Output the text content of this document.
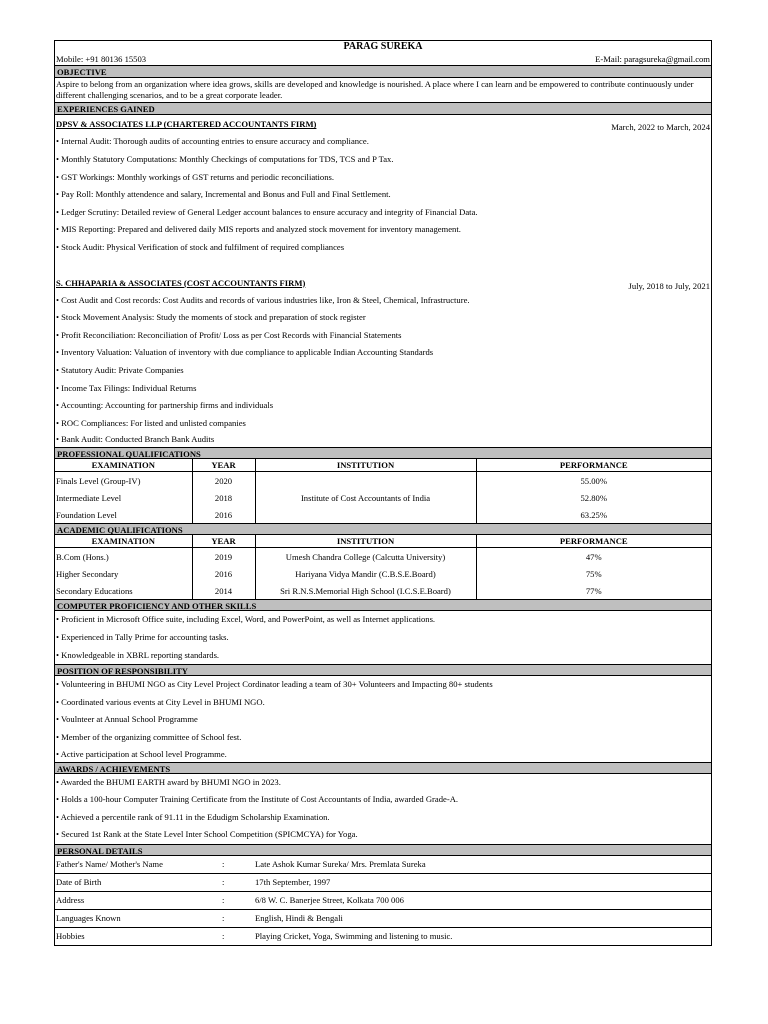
PARAG SUREKA
Mobile: +91 80136 15503	E-Mail: paragsureka@gmail.com
OBJECTIVE
Aspire to belong from an organization where idea grows, skills are developed and knowledge is nourished. A place where I can learn and be empowered to contribute continuously under different challenging scenarios, and to be a great corporate leader.
EXPERIENCES GAINED
DPSV & ASSOCIATES LLP (CHARTERED ACCOUNTANTS FIRM)	March, 2022 to March, 2024
• Internal Audit: Thorough audits of accounting entries to ensure accuracy and compliance.
• Monthly Statutory Computations: Monthly Checkings of computations for TDS, TCS and P Tax.
• GST Workings: Monthly workings of GST returns and periodic reconciliations.
• Pay Roll: Monthly attendence and salary, Incremental and Bonus and Full and Final Settlement.
• Ledger Scrutiny: Detailed review of General Ledger account balances to ensure accuracy and integrity of Financial Data.
• MIS Reporting: Prepared and delivered daily MIS reports and analyzed stock movement for inventory management.
• Stock Audit: Physical Verification of stock and fulfilment of required compliances
S. CHHAPARIA & ASSOCIATES (COST ACCOUNTANTS FIRM)	July, 2018 to July, 2021
• Cost Audit and Cost records: Cost Audits and records of various industries like, Iron & Steel, Chemical, Infrastructure.
• Stock Movement Analysis: Study the moments of stock and preparation of stock register
• Profit Reconciliation: Reconciliation of Profit/ Loss as per Cost Records with Financial Statements
• Inventory Valuation: Valuation of inventory with due compliance to applicable Indian Accounting Standards
• Statutory Audit: Private Companies
• Income Tax Filings: Individual Returns
• Accounting: Accounting for partnership firms and individuals
• ROC Compliances: For listed and unlisted companies
• Bank Audit: Conducted Branch Bank Audits
PROFESSIONAL QUALIFICATIONS
EXAMINATION	YEAR	INSTITUTION	PERFORMANCE
Finals Level (Group-IV)	2020	Institute of Cost Accountants of India	55.00%
Intermediate Level	2018		52.80%
Foundation Level	2016		63.25%
ACADEMIC QUALIFICATIONS
EXAMINATION	YEAR	INSTITUTION	PERFORMANCE
B.Com (Hons.)	2019	Umesh Chandra College (Calcutta University)	47%
Higher Secondary	2016	Hariyana Vidya Mandir (C.B.S.E.Board)	75%
Secondary Educations	2014	Sri R.N.S.Memorial High School (I.C.S.E.Board)	77%
COMPUTER PROFICIENCY AND OTHER SKILLS
• Proficient in Microsoft Office suite, including Excel, Word, and PowerPoint, as well as Internet applications.
• Experienced in Tally Prime for accounting tasks.
• Knowledgeable in XBRL reporting standards.
POSITION OF RESPONSIBILITY
• Volunteering in BHUMI NGO as City Level Project Cordinator leading a team of 30+ Volunteers and Impacting 80+ students
• Coordinated various events at City Level in BHUMI NGO.
• Voulnteer at Annual School Programme
• Member of the organizing committee of School fest.
• Active participation at School level Programme.
AWARDS / ACHIEVEMENTS
• Awarded the BHUMI EARTH award by BHUMI NGO in 2023.
• Holds a 100-hour Computer Training Certificate from the Institute of Cost Accountants of India, awarded Grade-A.
• Achieved a percentile rank of 91.11 in the Edudigm Scholarship Examination.
• Secured 1st Rank at the State Level Inter School Competition (SPICMCYA) for Yoga.
PERSONAL DETAILS
Father's Name/ Mother's Name	:	Late Ashok Kumar Sureka/ Mrs. Premlata Sureka
Date of Birth	:	17th September, 1997
Address	:	6/8 W. C. Banerjee Street, Kolkata 700 006
Languages Known	:	English, Hindi & Bengali
Hobbies	:	Playing Cricket, Yoga, Swimming and listening to music.
